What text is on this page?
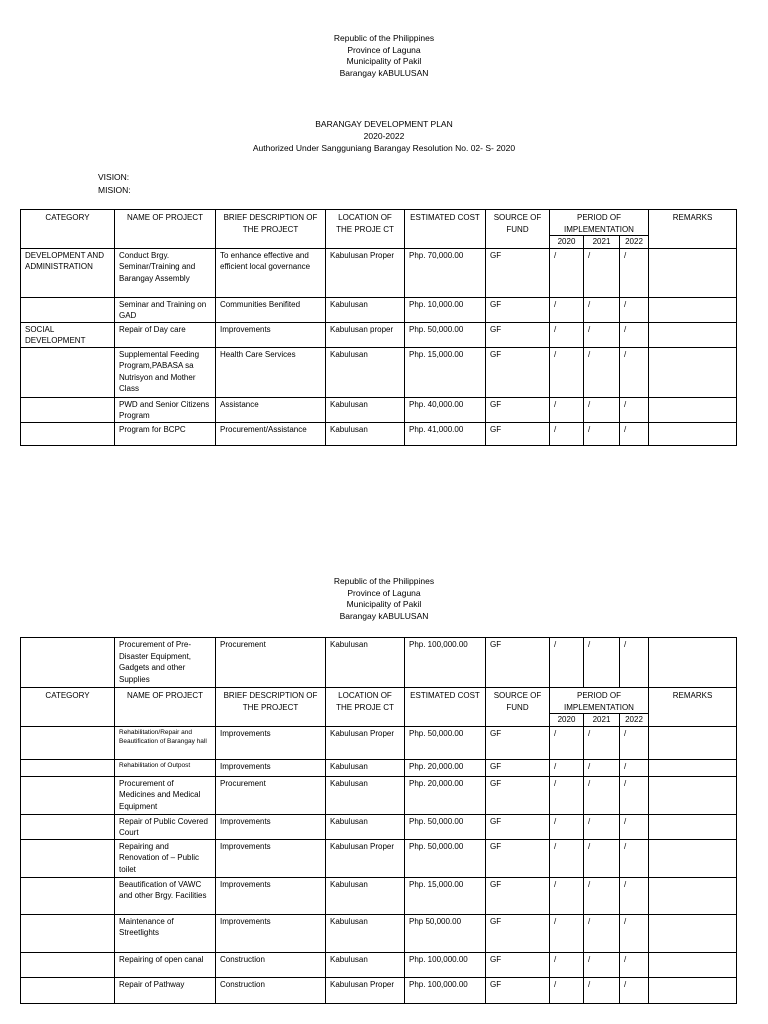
Republic of the Philippines
Province of Laguna
Municipality of Pakil
Barangay kABULUSAN
BARANGAY DEVELOPMENT PLAN
2020-2022
Authorized Under Sangguniang Barangay Resolution No. 02- S- 2020
VISION:
MISION:
CATEGORY	NAME OF PROJECT	BRIEF DESCRIPTION OF THE PROJECT	LOCATION OF THE PROJE CT	ESTIMATED COST	SOURCE OF FUND	PERIOD OF IMPLEMENTATION			REMARKS
						2020	2021	2022	
DEVELOPMENT AND ADMINISTRATION	Conduct Brgy. Seminar/Training and Barangay Assembly	To enhance effective and efficient local governance	Kabulusan Proper	Php. 70,000.00	GF	/	/	/	
	Seminar and Training on GAD	Communities Benifited	Kabulusan	Php. 10,000.00	GF	/	/	/	
SOCIAL DEVELOPMENT	Repair of Day care	Improvements	Kabulusan proper	Php. 50,000.00	GF	/	/	/	
	Supplemental Feeding Program,PABASA sa Nutrisyon and Mother Class	Health Care Services	Kabulusan	Php. 15,000.00	GF	/	/	/	
	PWD and Senior Citizens Program	Assistance	Kabulusan	Php. 40,000.00	GF	/	/	/	
	Program for BCPC	Procurement/Assistance	Kabulusan	Php. 41,000.00	GF	/	/	/	
Republic of the Philippines
Province of Laguna
Municipality of Pakil
Barangay kABULUSAN
	Procurement of Pre-Disaster Equipment, Gadgets and other Supplies	Procurement	Kabulusan	Php. 100,000.00	GF	/	/	/	
CATEGORY	NAME OF PROJECT	BRIEF DESCRIPTION OF THE PROJECT	LOCATION OF THE PROJE CT	ESTIMATED COST	SOURCE OF FUND	PERIOD OF IMPLEMENTATION			REMARKS
						2020	2021	2022	
	Rehabilitation/Repair and Beautification of Barangay hall	Improvements	Kabulusan Proper	Php. 50,000.00	GF	/	/	/	
	Rehabilitation of Outpost	Improvements	Kabulusan	Php. 20,000.00	GF	/	/	/	
	Procurement of Medicines and Medical Equipment	Procurement	Kabulusan	Php. 20,000.00	GF	/	/	/	
	Repair of Public Covered Court	Improvements	Kabulusan	Php. 50,000.00	GF	/	/	/	
	Repairing and Renovation of – Public toilet	Improvements	Kabulusan Proper	Php. 50,000.00	GF	/	/	/	
	Beautification of VAWC and other Brgy. Facilities	Improvements	Kabulusan	Php. 15,000.00	GF	/	/	/	
	Maintenance of Streetlights	Improvements	Kabulusan	Php 50,000.00	GF	/	/	/	
	Repairing of open canal	Construction	Kabulusan	Php. 100,000.00	GF	/	/	/	
	Repair of Pathway	Construction	Kabulusan Proper	Php. 100,000.00	GF	/	/	/	
